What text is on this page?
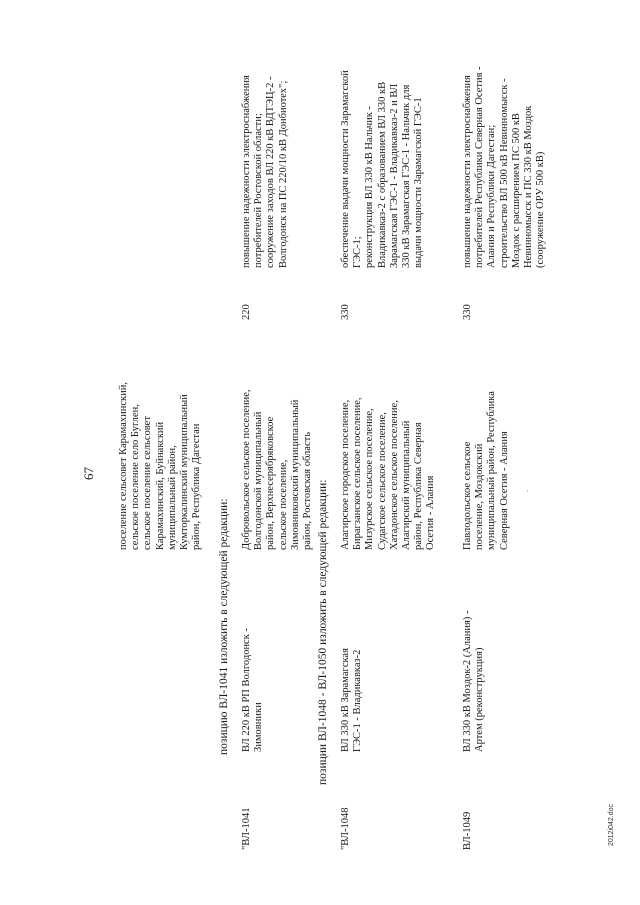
67
поселение сельсовет Карамахинский,
сельское поселение село Буглен,
сельское поселение сельсовет
Карамахинский, Буйнакский
муниципальный район,
Кумторкалинский муниципальный
район, Республика Дагестан
позицию ВЛ-1041 изложить в следующей редакции:
"ВЛ-1041
ВЛ 220 кВ РП Волгодонск -
Зимовники
Добровольское сельское поселение,
Волгодонской муниципальный
район, Верхнесерябряковское
сельское поселение,
Зимовниковский муниципальный
район, Ростовская область
220
повышение надежности электроснабжения
потребителей Ростовской области;
сооружение заходов ВЛ 220 кВ ВДТЭЦ-2 -
Волгодонск на ПС 220/10 кВ Донбиотех";
позиции ВЛ-1048 - ВЛ-1050 изложить в следующей редакции:
"ВЛ-1048
ВЛ 330 кВ Зарамагская
ГЭС-1 - Владикавказ-2
Алагирское городское поселение,
Бирагзанское сельское поселение,
Мизурское сельское поселение,
Судагское сельское поселение,
Хатадонское сельское поселение,
Алагирский муниципальный
район, Республика Северная
Осетия - Алания
330
обеспечение выдачи мощности Зарамагской
ГЭС-1;
реконструкция ВЛ 330 кВ Нальчик -
Владикавказ-2 с образованием ВЛ 330 кВ
Зарамагская ГЭС-1 - Владикавказ-2 и ВЛ
330 кВ Зарамагская ГЭС-1 - Нальчик для
выдачи мощности Зарамагской ГЭС-1
ВЛ-1049
ВЛ 330 кВ Моздок-2 (Алания) -
Артем (реконструкция)
Павлодольское сельское
поселение, Моздокский
муниципальный район, Республика
Северная Осетия - Алания
330
повышение надежности электроснабжения
потребителей Республики Северная Осетия -
Алания и Республики Дагестан;
строительство ВЛ 500 кВ Невинномысск -
Моздок с расширением ПС 500 кВ
Невинномысск и ПС 330 кВ Моздок
(сооружение ОРУ 500 кВ)
.
2012i042.doc
